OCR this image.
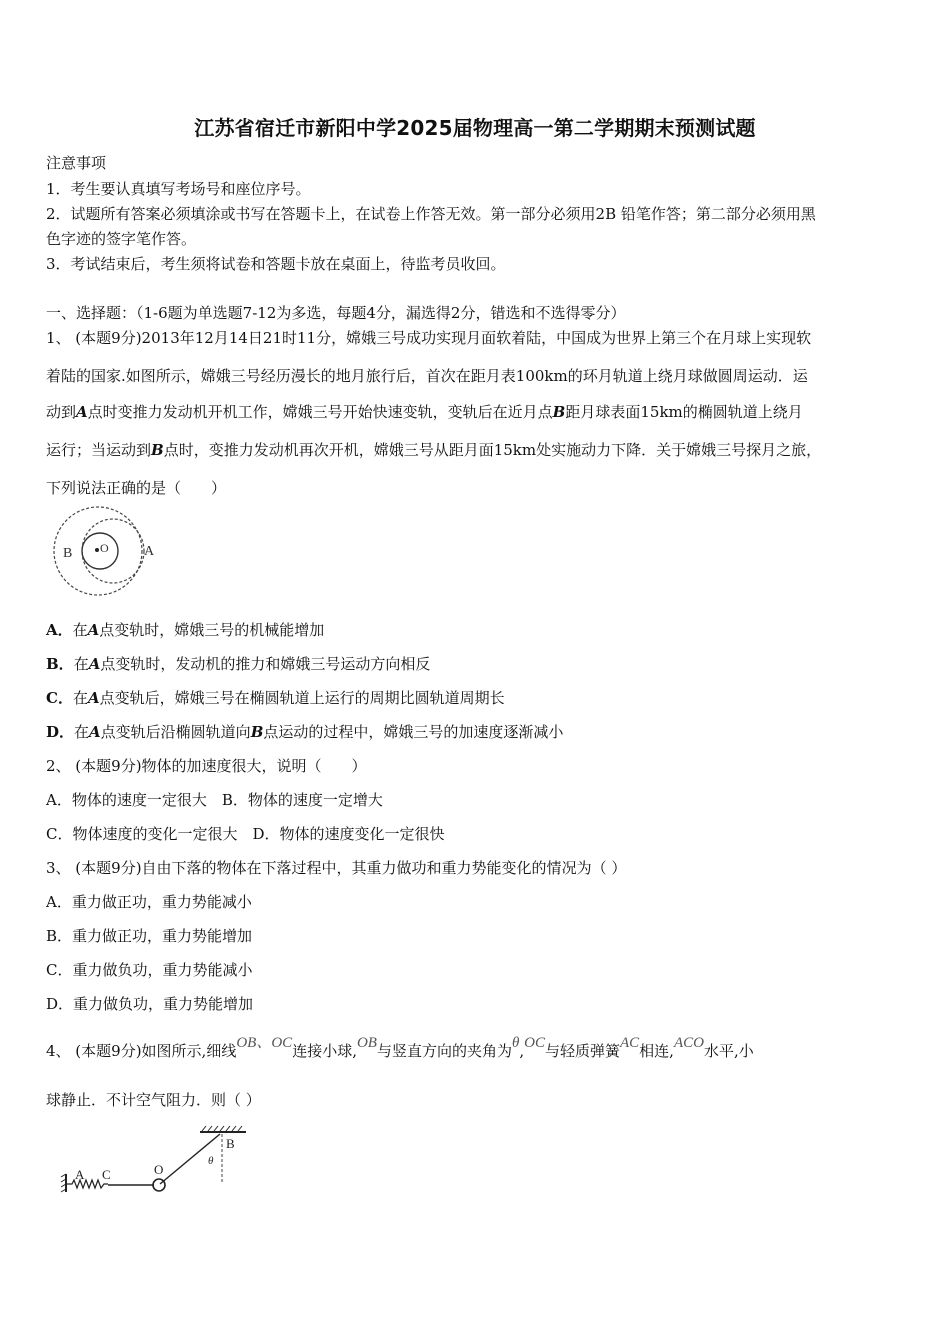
江苏省宿迁市新阳中学2025届物理高一第二学期期末预测试题
注意事项
1．考生要认真填写考场号和座位序号。
2．试题所有答案必须填涂或书写在答题卡上，在试卷上作答无效。第一部分必须用2B 铅笔作答；第二部分必须用黑
色字迹的签字笔作答。
3．考试结束后，考生须将试卷和答题卡放在桌面上，待监考员收回。
一、选择题：（1-6题为单选题7-12为多选，每题4分，漏选得2分，错选和不选得零分）
1、 (本题9分)2013年12月14日21时11分，嫦娥三号成功实现月面软着陆，中国成为世界上第三个在月球上实现软
着陆的国家.如图所示，嫦娥三号经历漫长的地月旅行后，首次在距月表100km的环月轨道上绕月球做圆周运动．运
动到A点时变推力发动机开机工作，嫦娥三号开始快速变轨，变轨后在近月点B距月球表面15km的椭圆轨道上绕月
运行；当运动到B点时，变推力发动机再次开机，嫦娥三号从距月面15km处实施动力下降．关于嫦娥三号探月之旅，
下列说法正确的是（　　）
B O	A
A．在A点变轨时，嫦娥三号的机械能增加
B．在A点变轨时，发动机的推力和嫦娥三号运动方向相反
C．在A点变轨后，嫦娥三号在椭圆轨道上运行的周期比圆轨道周期长
D．在A点变轨后沿椭圆轨道向B点运动的过程中，嫦娥三号的加速度逐渐减小
2、 (本题9分)物体的加速度很大，说明（　　）
A．物体的速度一定很大　B．物体的速度一定增大
C．物体速度的变化一定很大　D．物体的速度变化一定很快
3、 (本题9分)自由下落的物体在下落过程中，其重力做功和重力势能变化的情况为（ ）
A．重力做正功，重力势能减小
B．重力做正功，重力势能增加
C．重力做负功，重力势能减小
D．重力做负功，重力势能增加
4、 (本题9分)如图所示,细线OB、OC连接小球,OB与竖直方向的夹角为θ,OC与轻质弹簧AC相连,ACO水平,小
球静止．不计空气阻力．则（ ）
A C	O
B
θ
